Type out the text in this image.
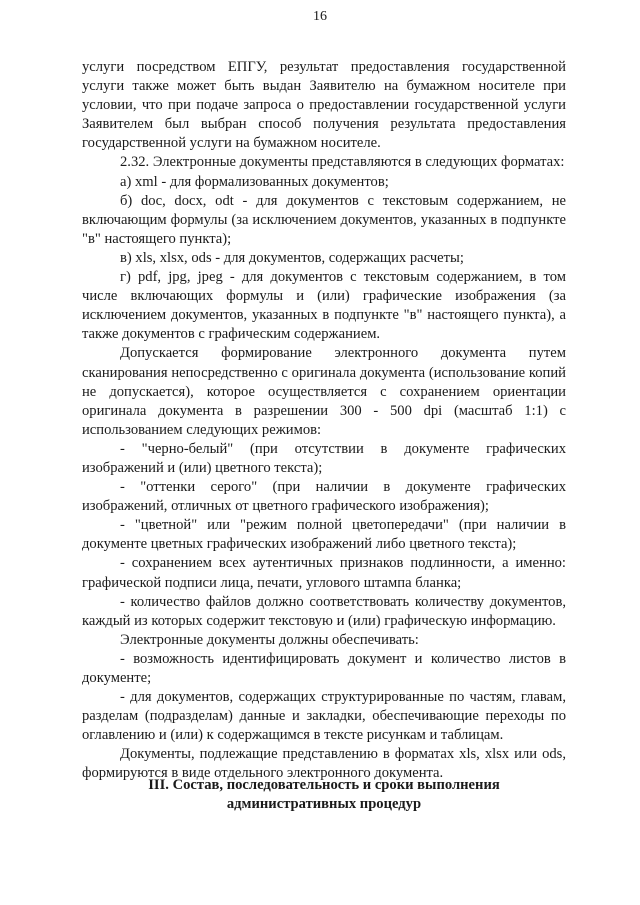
16

услуги посредством ЕПГУ, результат предоставления государственной услуги также может быть выдан Заявителю на бумажном носителе при условии, что при подаче запроса о предоставлении государственной услуги Заявителем был выбран способ получения результата предоставления государственной услуги на бумажном носителе.

2.32. Электронные документы представляются в следующих форматах:

а) xml - для формализованных документов;

б) doc, docx, odt - для документов с текстовым содержанием, не включающим формулы (за исключением документов, указанных в подпункте "в" настоящего пункта);

в) xls, xlsx, ods - для документов, содержащих расчеты;

г) pdf, jpg, jpeg - для документов с текстовым содержанием, в том числе включающих формулы и (или) графические изображения (за исключением документов, указанных в подпункте "в" настоящего пункта), а также документов с графическим содержанием.

Допускается формирование электронного документа путем сканирования непосредственно с оригинала документа (использование копий не допускается), которое осуществляется с сохранением ориентации оригинала документа в разрешении 300 - 500 dpi (масштаб 1:1) с использованием следующих режимов:

- "черно-белый" (при отсутствии в документе графических изображений и (или) цветного текста);

- "оттенки серого" (при наличии в документе графических изображений, отличных от цветного графического изображения);

- "цветной" или "режим полной цветопередачи" (при наличии в документе цветных графических изображений либо цветного текста);

- сохранением всех аутентичных признаков подлинности, а именно: графической подписи лица, печати, углового штампа бланка;

- количество файлов должно соответствовать количеству документов, каждый из которых содержит текстовую и (или) графическую информацию.

Электронные документы должны обеспечивать:

- возможность идентифицировать документ и количество листов в документе;

- для документов, содержащих структурированные по частям, главам, разделам (подразделам) данные и закладки, обеспечивающие переходы по оглавлению и (или) к содержащимся в тексте рисункам и таблицам.

Документы, подлежащие представлению в форматах xls, xlsx или ods, формируются в виде отдельного электронного документа.

III. Состав, последовательность и сроки выполнения
административных процедур
